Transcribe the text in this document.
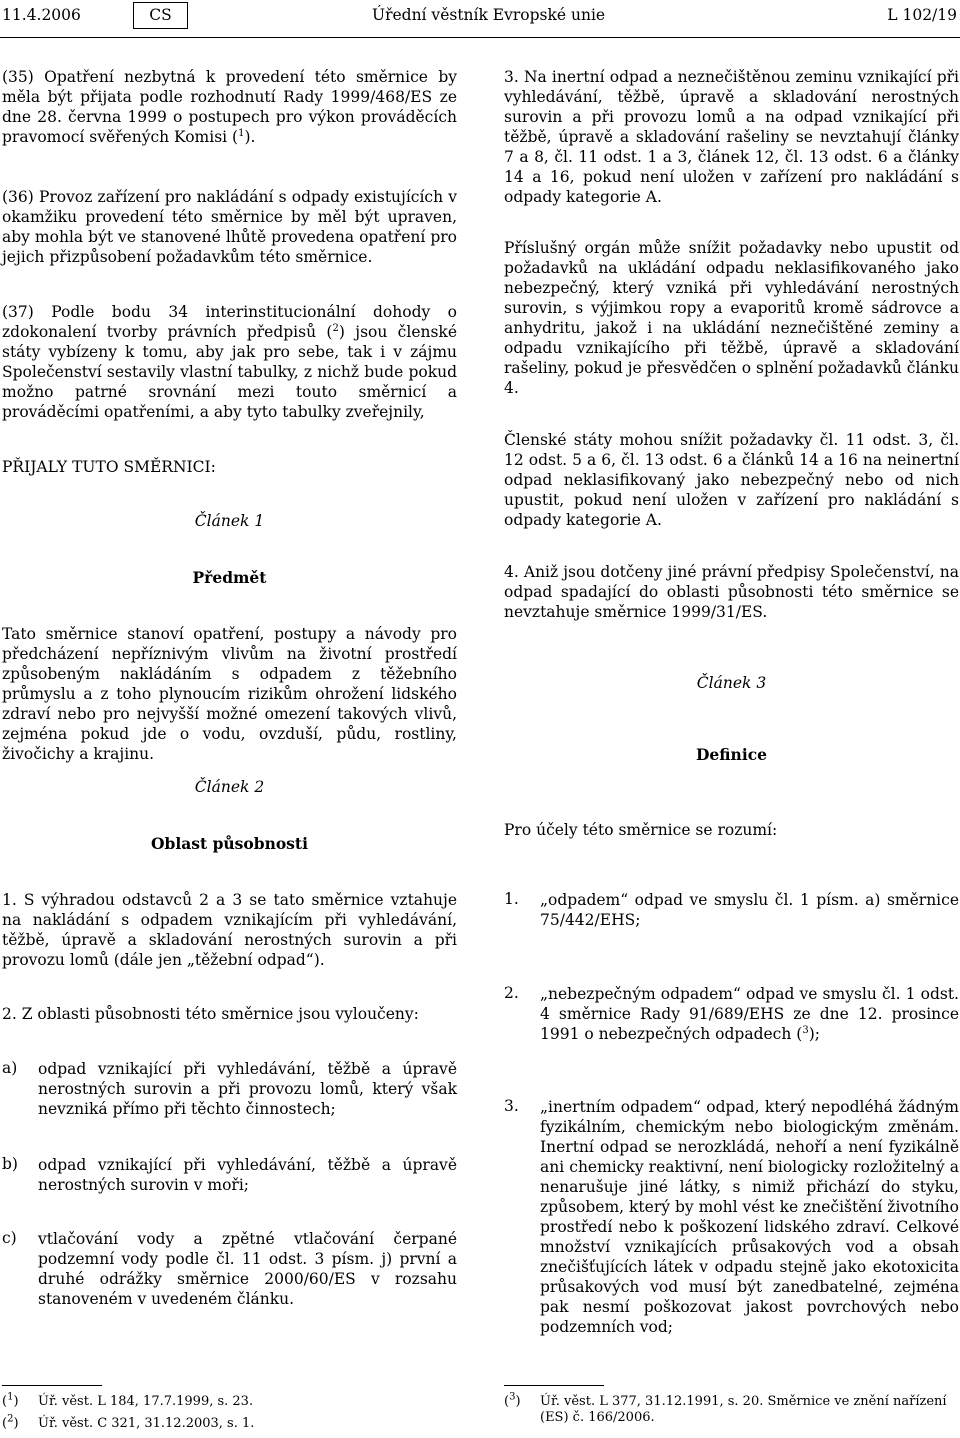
11.4.2006	CS	Úřední věstník Evropské unie	L 102/19

(35) Opatření nezbytná k provedení této směrnice by měla být přijata podle rozhodnutí Rady 1999/468/ES ze dne 28. června 1999 o postupech pro výkon prováděcích pravomocí svěřených Komisi ($^1$).

(36) Provoz zařízení pro nakládání s odpady existujících v okamžiku provedení této směrnice by měl být upraven, aby mohla být ve stanovené lhůtě provedena opatření pro jejich přizpůsobení požadavkům této směrnice.

(37) Podle bodu 34 interinstitucionální dohody o zdokonalení tvorby právních předpisů ($^2$) jsou členské státy vybízeny k tomu, aby jak pro sebe, tak i v zájmu Společenství sestavily vlastní tabulky, z nichž bude pokud možno patrné srovnání mezi touto směrnicí a prováděcími opatřeními, a aby tyto tabulky zveřejnily,

PŘIJALY TUTO SMĚRNICI:

Článek 1
Předmět

Tato směrnice stanoví opatření, postupy a návody pro předcházení nepříznivým vlivům na životní prostředí způsobeným nakládáním s odpadem z těžebního průmyslu a z toho plynoucím rizikům ohrožení lidského zdraví nebo pro nejvyšší možné omezení takových vlivů, zejména pokud jde o vodu, ovzduší, půdu, rostliny, živočichy a krajinu.

Článek 2
Oblast působnosti

1. S výhradou odstavců 2 a 3 se tato směrnice vztahuje na nakládání s odpadem vznikajícím při vyhledávání, těžbě, úpravě a skladování nerostných surovin a při provozu lomů (dále jen „těžební odpad“).

2. Z oblasti působnosti této směrnice jsou vyloučeny:

a) odpad vznikající při vyhledávání, těžbě a úpravě nerostných surovin a při provozu lomů, který však nevzniká přímo při těchto činnostech;

b) odpad vznikající při vyhledávání, těžbě a úpravě nerostných surovin v moři;

c) vtlačování vody a zpětné vtlačování čerpané podzemní vody podle čl. 11 odst. 3 písm. j) první a druhé odrážky směrnice 2000/60/ES v rozsahu stanoveném v uvedeném článku.

($^1$) Úř. věst. L 184, 17.7.1999, s. 23.
($^2$) Úř. věst. C 321, 31.12.2003, s. 1.

3. Na inertní odpad a neznečištěnou zeminu vznikající při vyhledávání, těžbě, úpravě a skladování nerostných surovin a při provozu lomů a na odpad vznikající při těžbě, úpravě a skladování rašeliny se nevztahují články 7 a 8, čl. 11 odst. 1 a 3, článek 12, čl. 13 odst. 6 a články 14 a 16, pokud není uložen v zařízení pro nakládání s odpady kategorie A.

Příslušný orgán může snížit požadavky nebo upustit od požadavků na ukládání odpadu neklasifikovaného jako nebezpečný, který vzniká při vyhledávání nerostných surovin, s výjimkou ropy a evaporitů kromě sádrovce a anhydritu, jakož i na ukládání neznečištěné zeminy a odpadu vznikajícího při těžbě, úpravě a skladování rašeliny, pokud je přesvědčen o splnění požadavků článku 4.

Členské státy mohou snížit požadavky čl. 11 odst. 3, čl. 12 odst. 5 a 6, čl. 13 odst. 6 a článků 14 a 16 na neinertní odpad neklasifikovaný jako nebezpečný nebo od nich upustit, pokud není uložen v zařízení pro nakládání s odpady kategorie A.

4. Aniž jsou dotčeny jiné právní předpisy Společenství, na odpad spadající do oblasti působnosti této směrnice se nevztahuje směrnice 1999/31/ES.

Článek 3
Definice

Pro účely této směrnice se rozumí:

1. „odpadem“ odpad ve smyslu čl. 1 písm. a) směrnice 75/442/EHS;

2. „nebezpečným odpadem“ odpad ve smyslu čl. 1 odst. 4 směrnice Rady 91/689/EHS ze dne 12. prosince 1991 o nebezpečných odpadech ($^3$);

3. „inertním odpadem“ odpad, který nepodléhá žádným fyzikálním, chemickým nebo biologickým změnám. Inertní odpad se nerozkládá, nehoří a není fyzikálně ani chemicky reaktivní, není biologicky rozložitelný a nenarušuje jiné látky, s nimiž přichází do styku, způsobem, který by mohl vést ke znečištění životního prostředí nebo k poškození lidského zdraví. Celkové množství vznikajících průsakových vod a obsah znečišťujících látek v odpadu stejně jako ekotoxicita průsakových vod musí být zanedbatelné, zejména pak nesmí poškozovat jakost povrchových nebo podzemních vod;

($^3$) Úř. věst. L 377, 31.12.1991, s. 20. Směrnice ve znění nařízení (ES) č. 166/2006.
